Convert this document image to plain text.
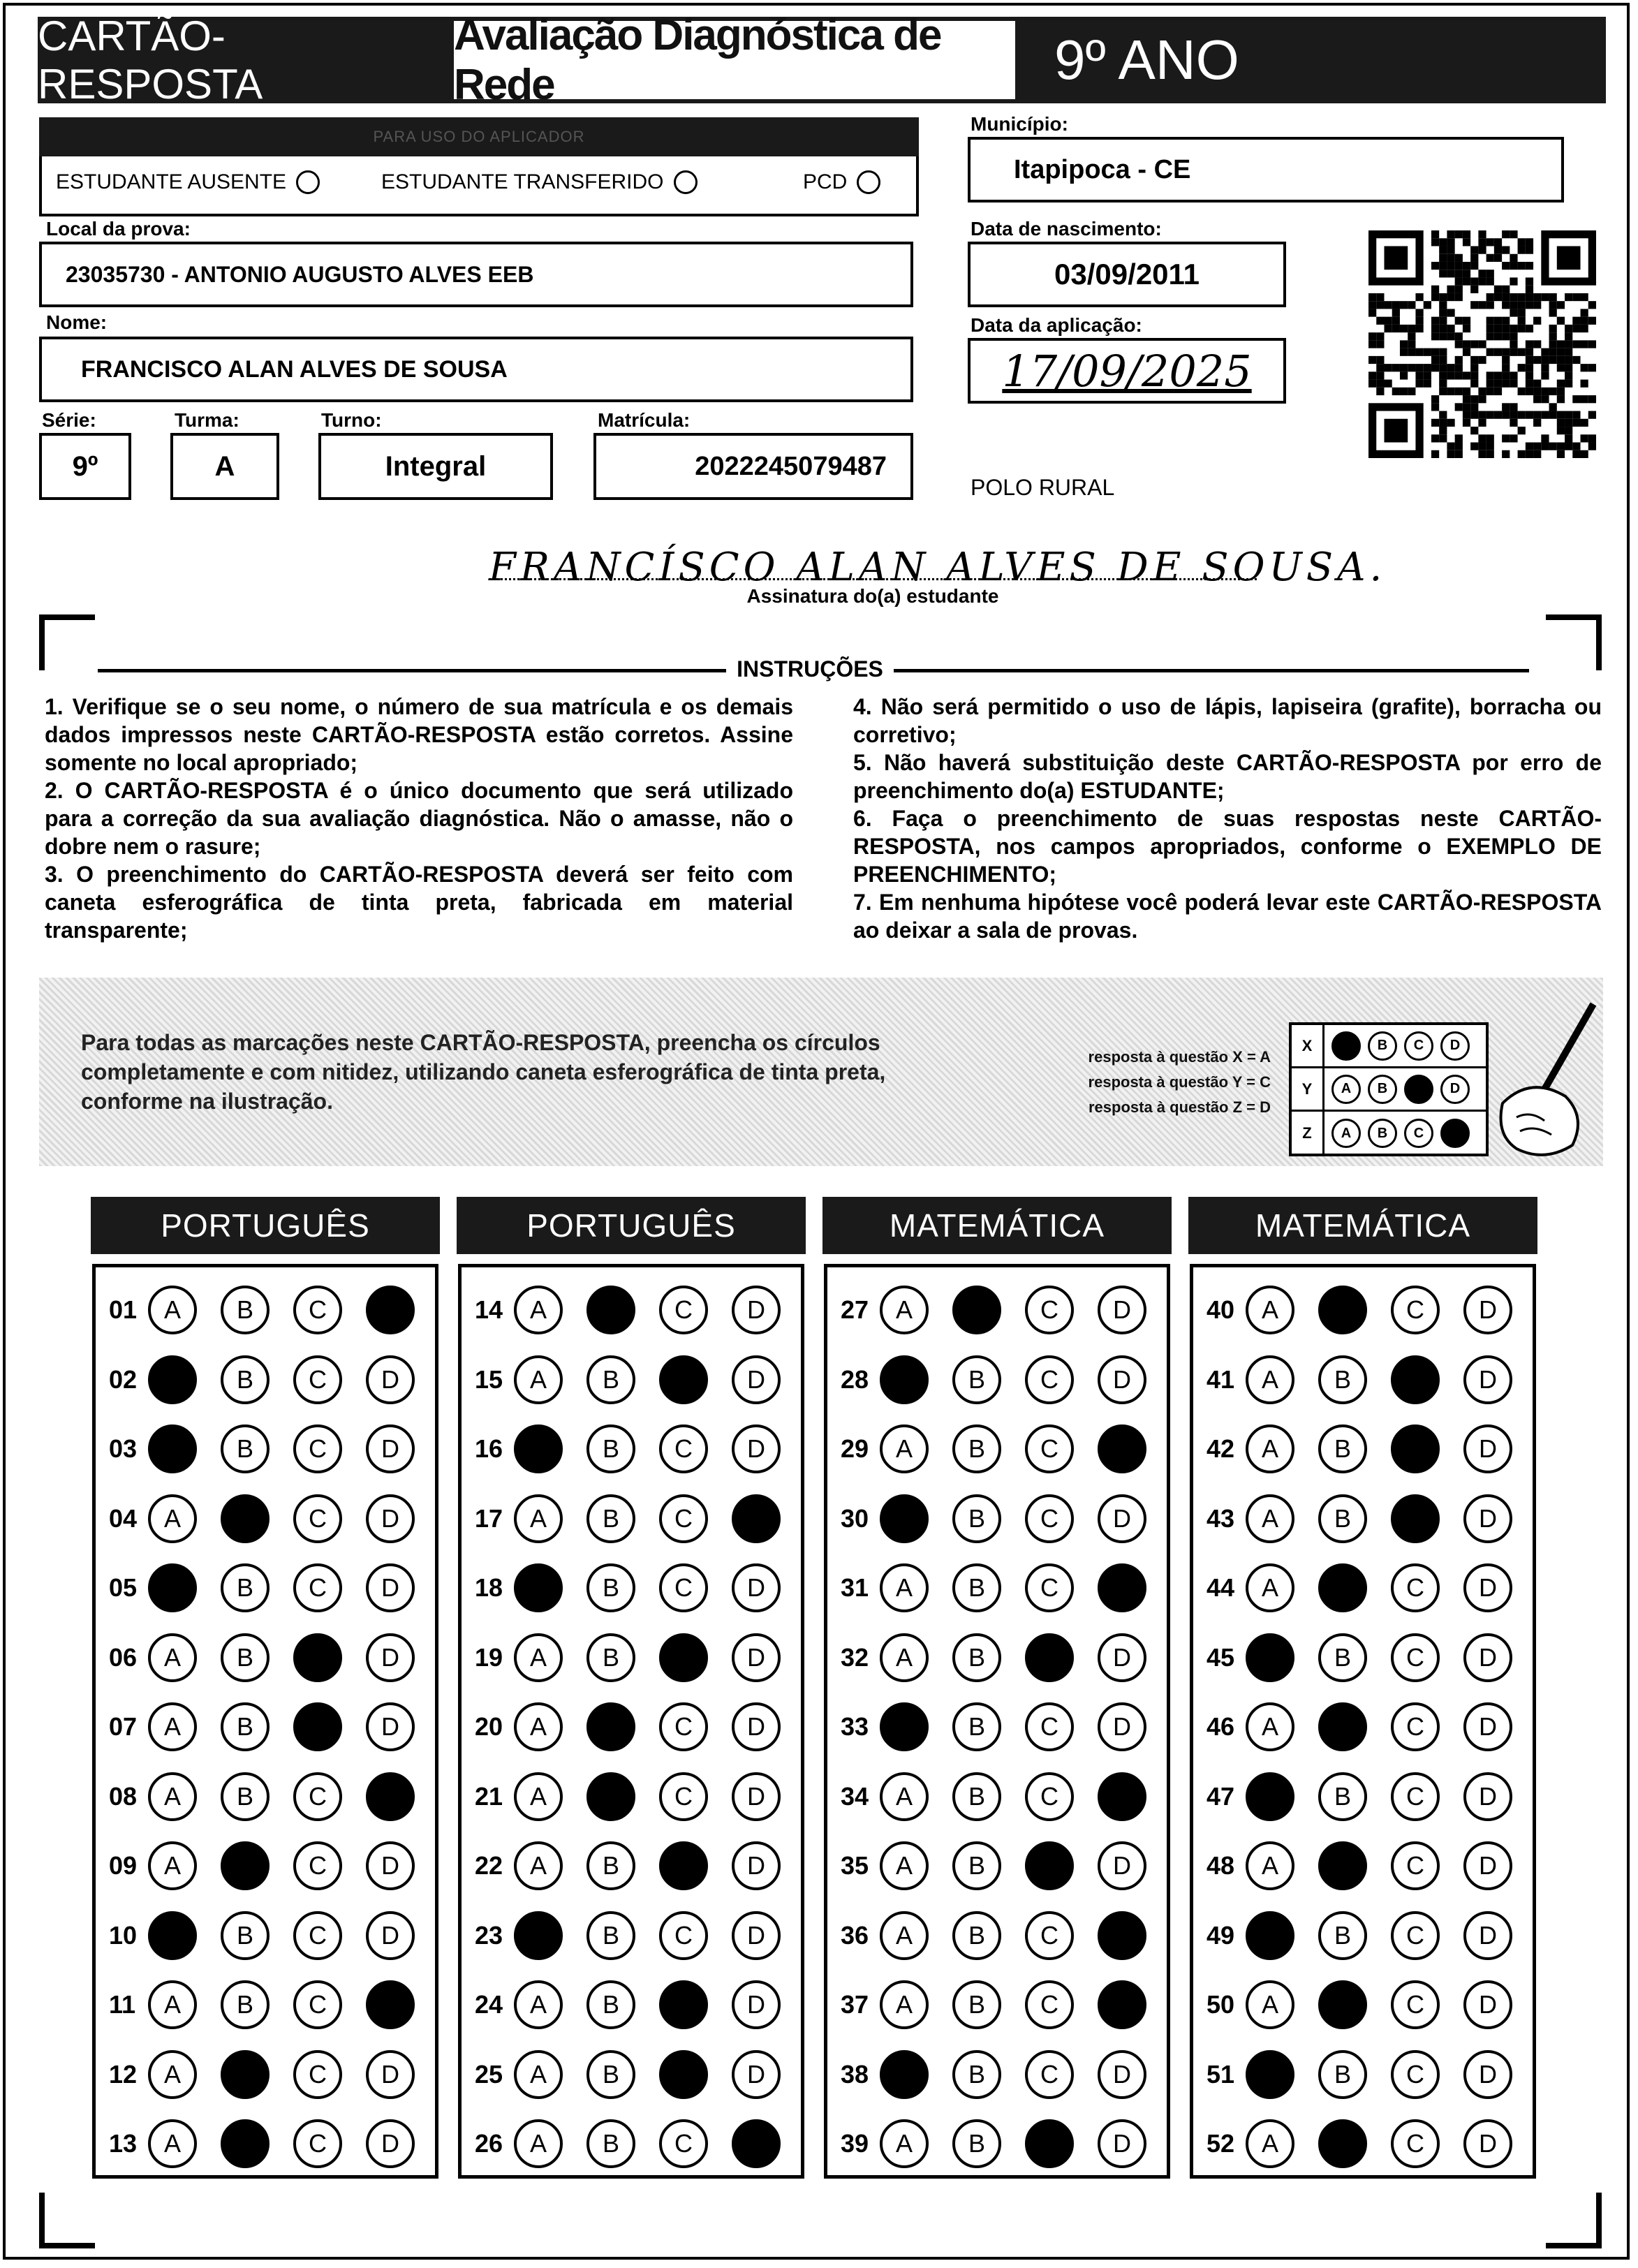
CARTÃO-RESPOSTA
Avaliação Diagnóstica de Rede	9º ANO
PARA USO DO APLICADOR
ESTUDANTE AUSENTE	ESTUDANTE TRANSFERIDO	PCD
Local da prova:
23035730 - ANTONIO AUGUSTO ALVES EEB
Nome:
FRANCISCO ALAN ALVES DE SOUSA
Série:
9º
Turma:
A
Turno:
Integral
Matrícula:
2022245079487
Município:
Itapipoca - CE
Data de nascimento:
03/09/2011
Data da aplicação:
17/09/2025
POLO RURAL
FRANCÍSCO ALAN ALVES DE SOUSA.
Assinatura do(a) estudante
INSTRUÇÕES

1. Verifique se o seu nome, o número de sua matrícula e os demais dados impressos neste CARTÃO-RESPOSTA estão corretos. Assine somente no local apropriado;

2. O CARTÃO-RESPOSTA é o único documento que será utilizado para a correção da sua avaliação diagnóstica. Não o amasse, não o dobre nem o rasure;

3. O preenchimento do CARTÃO-RESPOSTA deverá ser feito com caneta esferográfica de tinta preta, fabricada em material transparente;

4. Não será permitido o uso de lápis, lapiseira (grafite), borracha ou corretivo;

5. Não haverá substituição deste CARTÃO-RESPOSTA por erro de preenchimento do(a) ESTUDANTE;

6. Faça o preenchimento de suas respostas neste CARTÃO-RESPOSTA, nos campos apropriados, conforme o EXEMPLO DE PREENCHIMENTO;

7. Em nenhuma hipótese você poderá levar este CARTÃO-RESPOSTA ao deixar a sala de provas.

Para todas as marcações neste CARTÃO-RESPOSTA, preencha os círculos completamente e com nitidez, utilizando caneta esferográfica de tinta preta, conforme na ilustração.
resposta à questão X = A
resposta à questão Y = C
resposta à questão Z = D
X	A	B	C	D
Y	A	B	C	D
Z	A	B	C	D
PORTUGUÊS
01	A B C
02	B C D
03	B C D
04	A	C D
05	B C D
06	A B	D
07	A B	D
08	A B C
09	A	C D
10	B C D
11	A B C
12	A	C D
13	A	C D
PORTUGUÊS
14	A	C D
15	A B	D
16	B C D
17	A B C
18	B C D
19	A B	D
20	A	C D
21	A	C D
22	A B	D
23	B C D
24	A B	D
25	A B	D
26	A B C
MATEMÁTICA
27	A	C D
28	B C D
29	A B C
30	B C D
31	A B C
32	A B	D
33	B C D
34	A B C
35	A B	D
36	A B C
37	A B C
38	B C D
39	A B	D
MATEMÁTICA
40	A	C D
41	A B	D
42	A B	D
43	A B	D
44	A	C D
45	B C D
46	A	C D
47	B C D
48	A	C D
49	B C D
50	A	C D
51	B C D
52	A	C D
